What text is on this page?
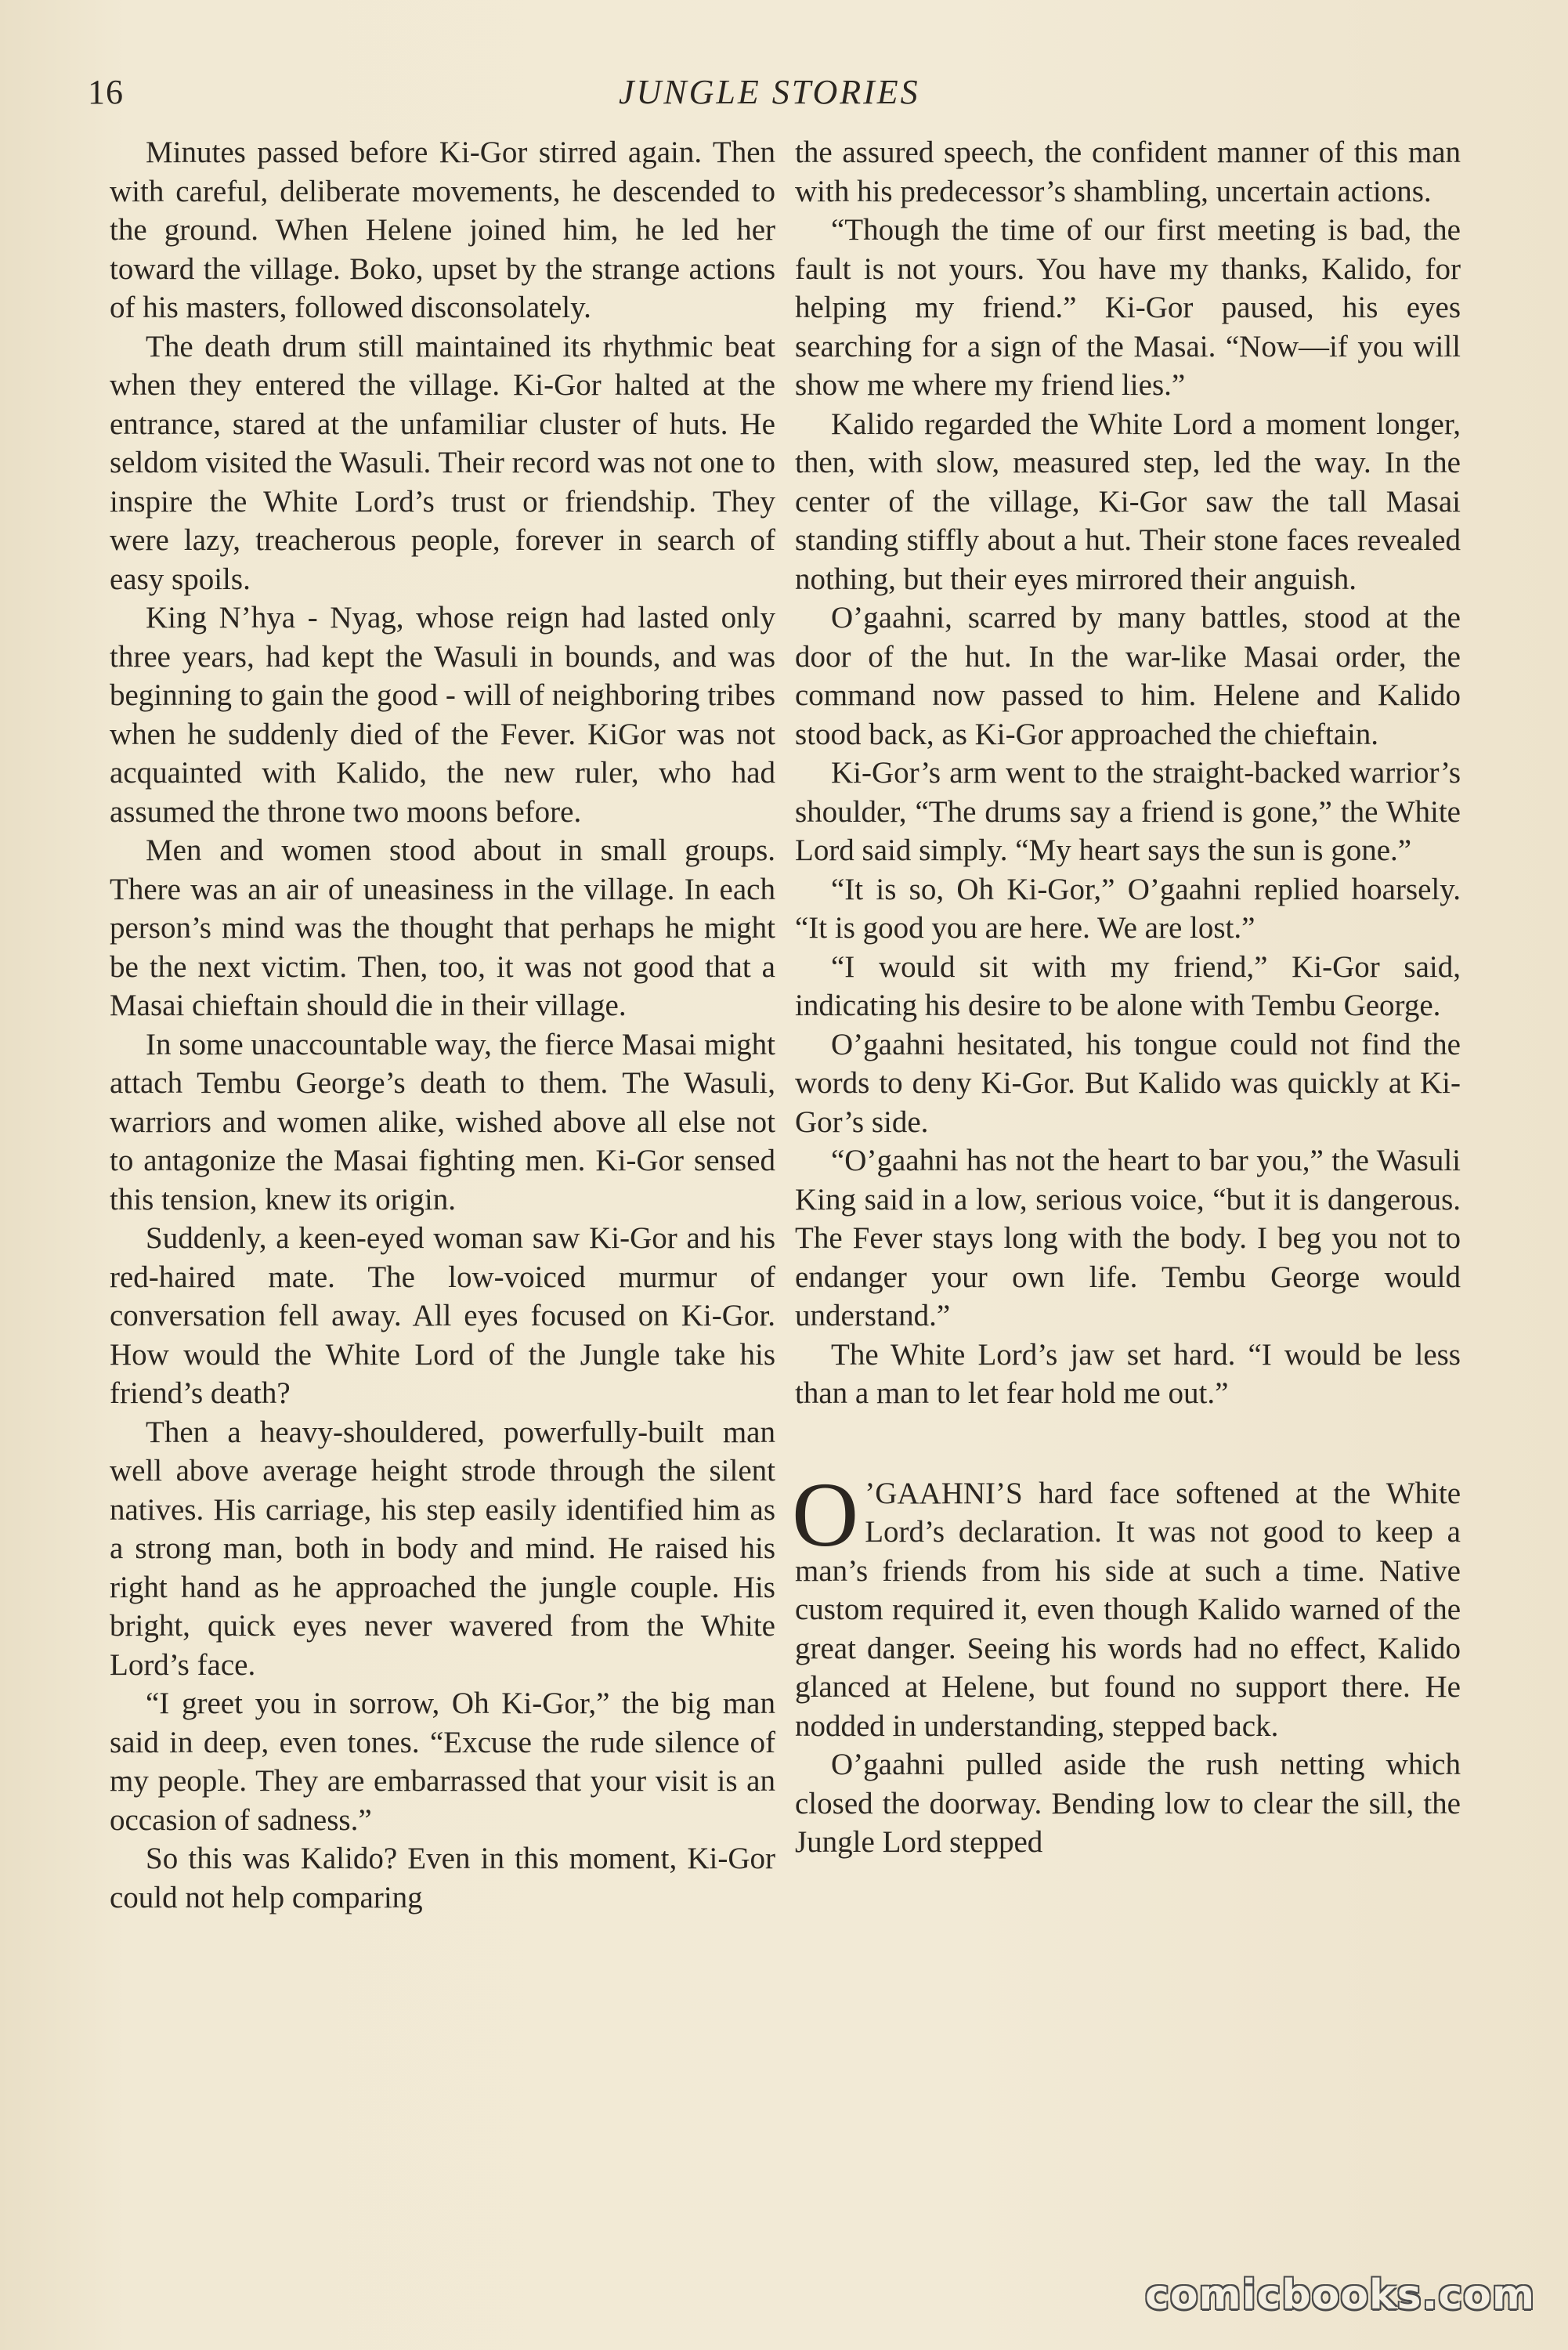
16	JUNGLE STORIES

Minutes passed before Ki-Gor stirred again. Then with careful, deliberate movements, he descended to the ground. When Helene joined him, he led her toward the village. Boko, upset by the strange actions of his masters, followed disconsolately.

The death drum still maintained its rhythmic beat when they entered the village. Ki-Gor halted at the entrance, stared at the unfamiliar cluster of huts. He seldom visited the Wasuli. Their record was not one to inspire the White Lord’s trust or friendship. They were lazy, treacherous people, forever in search of easy spoils.

King N’hya - Nyag, whose reign had lasted only three years, had kept the Wasuli in bounds, and was beginning to gain the good - will of neighboring tribes when he suddenly died of the Fever. KiGor was not acquainted with Kalido, the new ruler, who had assumed the throne two moons before.

Men and women stood about in small groups. There was an air of uneasiness in the village. In each person’s mind was the thought that perhaps he might be the next victim. Then, too, it was not good that a Masai chieftain should die in their village.

In some unaccountable way, the fierce Masai might attach Tembu George’s death to them. The Wasuli, warriors and women alike, wished above all else not to antagonize the Masai fighting men. Ki-Gor sensed this tension, knew its origin.

Suddenly, a keen-eyed woman saw Ki-Gor and his red-haired mate. The low-voiced murmur of conversation fell away. All eyes focused on Ki-Gor. How would the White Lord of the Jungle take his friend’s death?

Then a heavy-shouldered, powerfully-built man well above average height strode through the silent natives. His carriage, his step easily identified him as a strong man, both in body and mind. He raised his right hand as he approached the jungle couple. His bright, quick eyes never wavered from the White Lord’s face.

“I greet you in sorrow, Oh Ki-Gor,” the big man said in deep, even tones. “Excuse the rude silence of my people. They are embarrassed that your visit is an occasion of sadness.”

So this was Kalido? Even in this moment, Ki-Gor could not help comparing

the assured speech, the confident manner of this man with his predecessor’s shambling, uncertain actions.

“Though the time of our first meeting is bad, the fault is not yours. You have my thanks, Kalido, for helping my friend.” Ki-Gor paused, his eyes searching for a sign of the Masai. “Now—if you will show me where my friend lies.”

Kalido regarded the White Lord a moment longer, then, with slow, measured step, led the way. In the center of the village, Ki-Gor saw the tall Masai standing stiffly about a hut. Their stone faces revealed nothing, but their eyes mirrored their anguish.

O’gaahni, scarred by many battles, stood at the door of the hut. In the war-like Masai order, the command now passed to him. Helene and Kalido stood back, as Ki-Gor approached the chieftain.

Ki-Gor’s arm went to the straight-backed warrior’s shoulder, “The drums say a friend is gone,” the White Lord said simply. “My heart says the sun is gone.”

“It is so, Oh Ki-Gor,” O’gaahni replied hoarsely. “It is good you are here. We are lost.”

“I would sit with my friend,” Ki-Gor said, indicating his desire to be alone with Tembu George.

O’gaahni hesitated, his tongue could not find the words to deny Ki-Gor. But Kalido was quickly at Ki-Gor’s side.

“O’gaahni has not the heart to bar you,” the Wasuli King said in a low, serious voice, “but it is dangerous. The Fever stays long with the body. I beg you not to endanger your own life. Tembu George would understand.”

The White Lord’s jaw set hard. “I would be less than a man to let fear hold me out.”

O ’GAAHNI’S hard face softened at the White Lord’s declaration. It was not good to keep a man’s friends from his side at such a time. Native custom required it, even though Kalido warned of the great danger. Seeing his words had no effect, Kalido glanced at Helene, but found no support there. He nodded in understanding, stepped back.

O’gaahni pulled aside the rush netting which closed the doorway. Bending low to clear the sill, the Jungle Lord stepped

comicbooks.com
